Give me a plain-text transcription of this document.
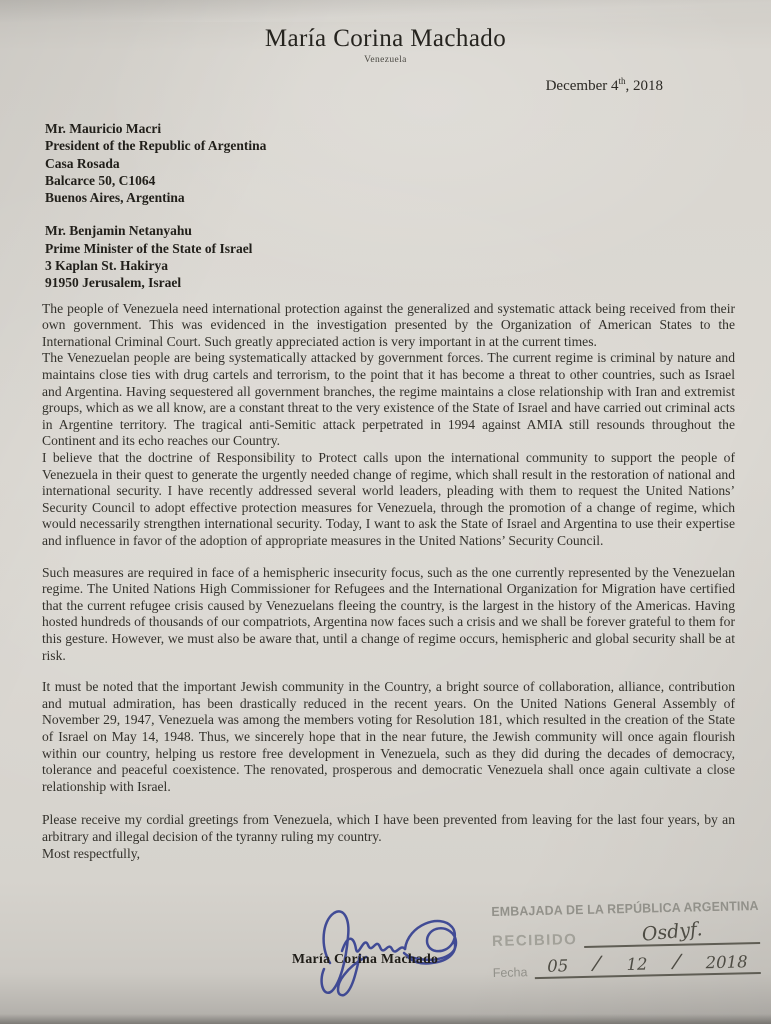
María Corina Machado
Venezuela
December 4th, 2018
Mr. Mauricio Macri
President of the Republic of Argentina
Casa Rosada
Balcarce 50, C1064
Buenos Aires, Argentina
Mr. Benjamin Netanyahu
Prime Minister of the State of Israel
3 Kaplan St. Hakirya
91950 Jerusalem, Israel

The people of Venezuela need international protection against the generalized and systematic attack being received from their own government. This was evidenced in the investigation presented by the Organization of American States to the International Criminal Court. Such greatly appreciated action is very important in at the current times.

The Venezuelan people are being systematically attacked by government forces. The current regime is criminal by nature and maintains close ties with drug cartels and terrorism, to the point that it has become a threat to other countries, such as Israel and Argentina. Having sequestered all government branches, the regime maintains a close relationship with Iran and extremist groups, which as we all know, are a constant threat to the very existence of the State of Israel and have carried out criminal acts in Argentine territory. The tragical anti-Semitic attack perpetrated in 1994 against AMIA still resounds throughout the Continent and its echo reaches our Country.

I believe that the doctrine of Responsibility to Protect calls upon the international community to support the people of Venezuela in their quest to generate the urgently needed change of regime, which shall result in the restoration of national and international security. I have recently addressed several world leaders, pleading with them to request the United Nations’ Security Council to adopt effective protection measures for Venezuela, through the promotion of a change of regime, which would necessarily strengthen international security. Today, I want to ask the State of Israel and Argentina to use their expertise and influence in favor of the adoption of appropriate measures in the United Nations’ Security Council.

Such measures are required in face of a hemispheric insecurity focus, such as the one currently represented by the Venezuelan regime. The United Nations High Commissioner for Refugees and the International Organization for Migration have certified that the current refugee crisis caused by Venezuelans fleeing the country, is the largest in the history of the Americas. Having hosted hundreds of thousands of our compatriots, Argentina now faces such a crisis and we shall be forever grateful to them for this gesture. However, we must also be aware that, until a change of regime occurs, hemispheric and global security shall be at risk.

It must be noted that the important Jewish community in the Country, a bright source of collaboration, alliance, contribution and mutual admiration, has been drastically reduced in the recent years. On the United Nations General Assembly of November 29, 1947, Venezuela was among the members voting for Resolution 181, which resulted in the creation of the State of Israel on May 14, 1948. Thus, we sincerely hope that in the near future, the Jewish community will once again flourish within our country, helping us restore free development in Venezuela, such as they did during the decades of democracy, tolerance and peaceful coexistence. The renovated, prosperous and democratic Venezuela shall once again cultivate a close relationship with Israel.

Please receive my cordial greetings from Venezuela, which I have been prevented from leaving for the last four years, by an arbitrary and illegal decision of the tyranny ruling my country.

Most respectfully,

María Corina Machado
EMBAJADA DE LA REPÚBLICA ARGENTINA
RECIBIDO	Osdyf.
Fecha 05 / 12 / 2018
